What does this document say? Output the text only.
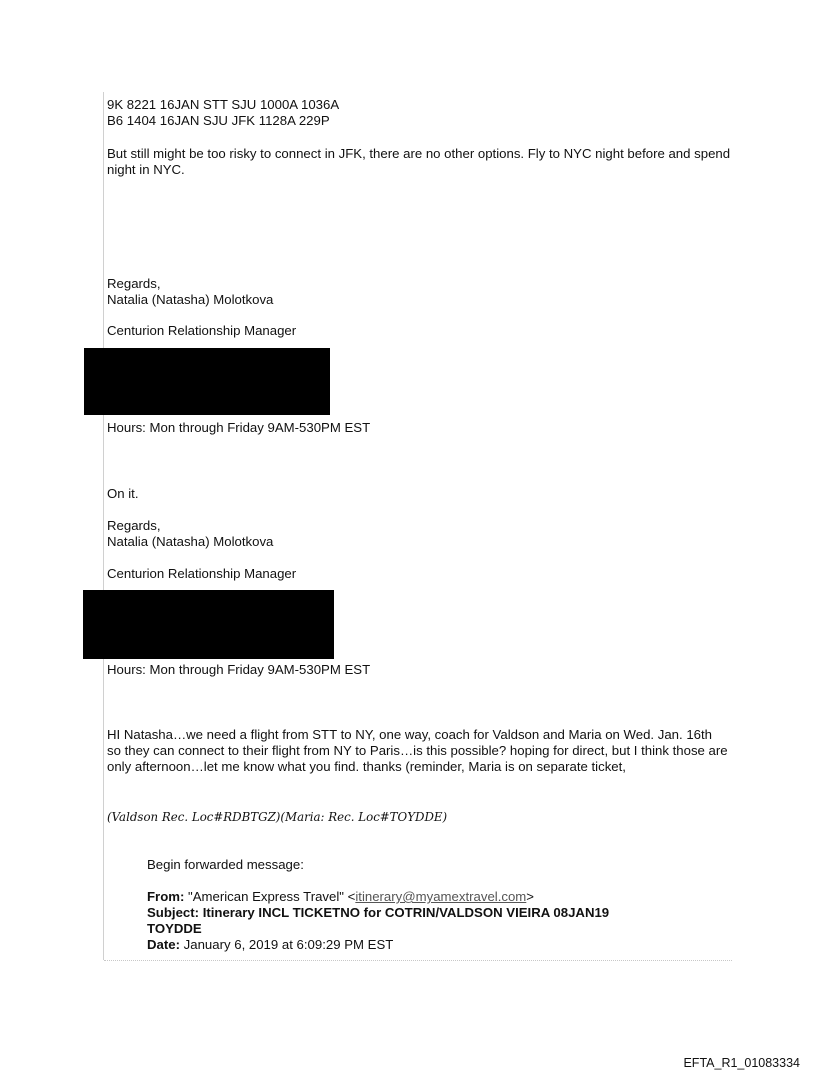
9K 8221 16JAN STT SJU 1000A 1036A
B6 1404 16JAN SJU JFK 1128A 229P
But still might be too risky to connect in JFK, there are no other options. Fly to NYC night before and spend night in NYC.
Regards,
Natalia (Natasha) Molotkova
Centurion Relationship Manager
Hours: Mon through Friday 9AM-530PM EST
On it.
Regards,
Natalia (Natasha) Molotkova
Centurion Relationship Manager
Hours: Mon through Friday 9AM-530PM EST
HI Natasha…we need a flight from STT to NY, one way, coach for Valdson and Maria on Wed. Jan. 16th so they can connect to their flight from NY to Paris…is this possible? hoping for direct, but I think those are only afternoon…let me know what you find. thanks (reminder, Maria is on separate ticket,
(Valdson Rec. Loc#RDBTGZ)(Maria: Rec. Loc#TOYDDE)
Begin forwarded message:
From: "American Express Travel" <itinerary@myamextravel.com>
Subject: Itinerary INCL TICKETNO for COTRIN/VALDSON VIEIRA 08JAN19
TOYDDE
Date: January 6, 2019 at 6:09:29 PM EST
EFTA_R1_01083334
